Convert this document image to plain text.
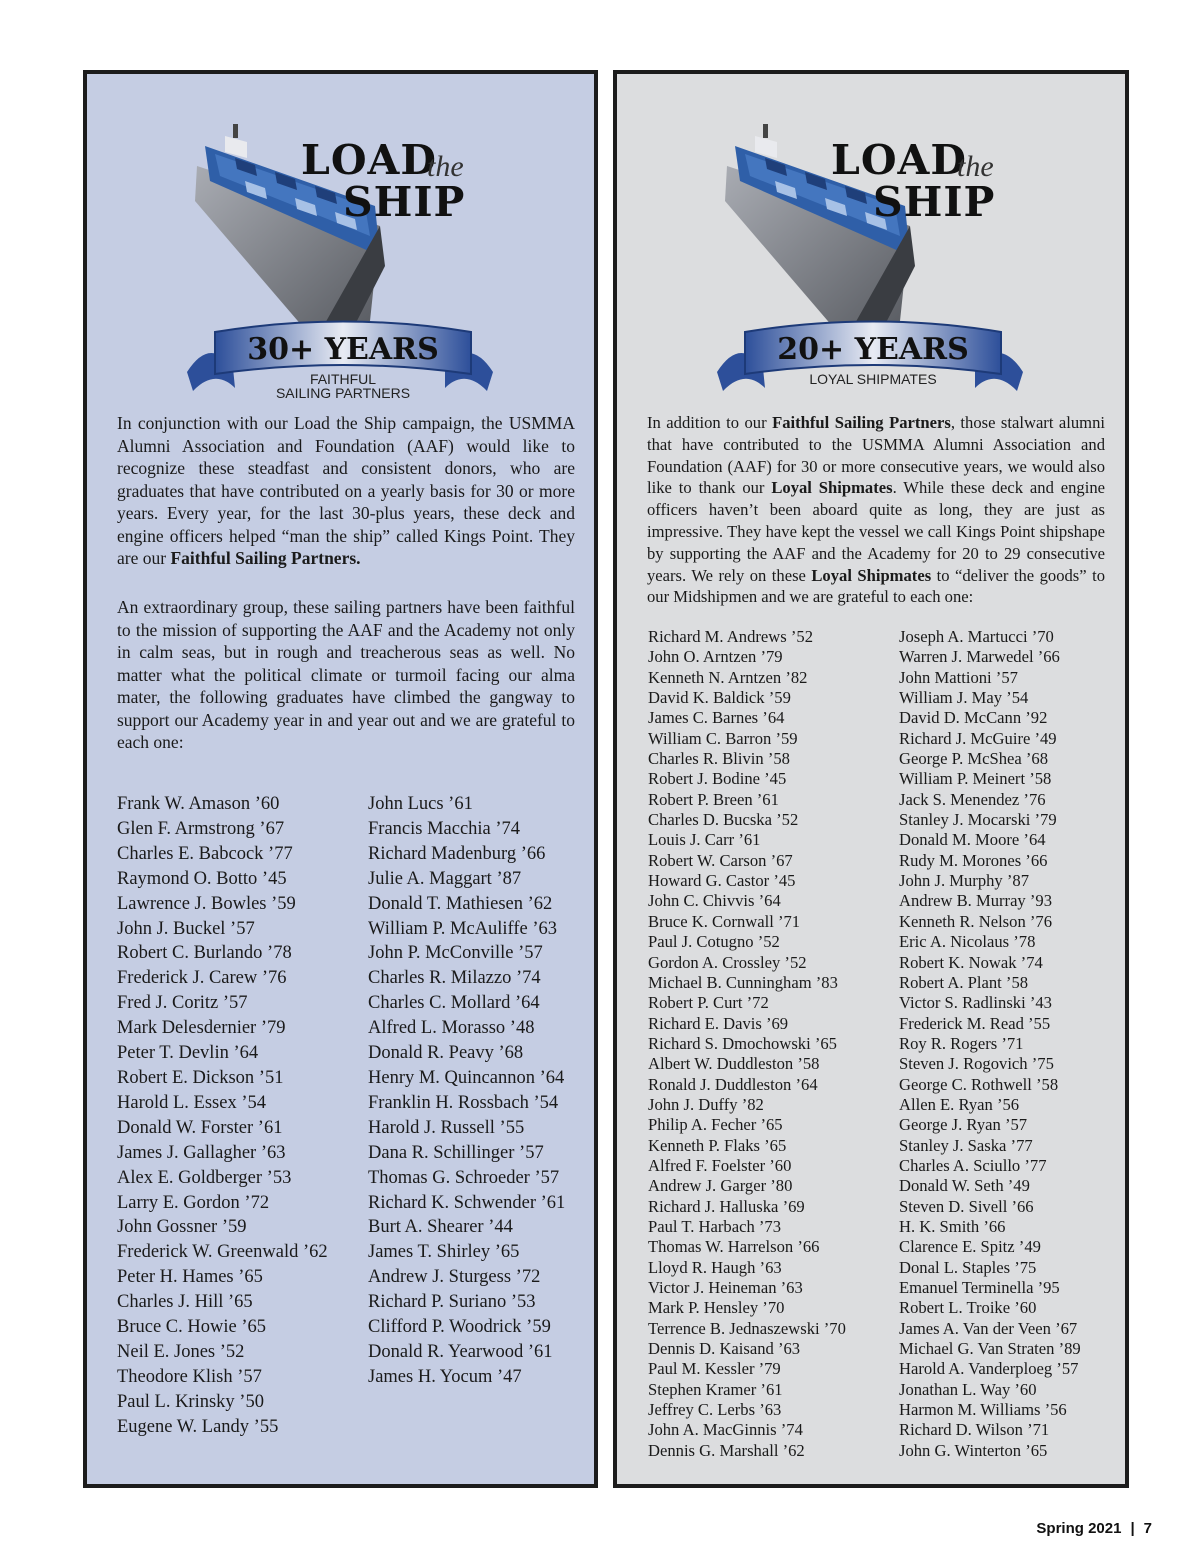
LOAD
the
SHIP
30+ YEARS
FAITHFUL
SAILING PARTNERS

In conjunction with our Load the Ship campaign, the USMMA Alumni Association and Foundation (AAF) would like to recognize these steadfast and consistent donors, who are graduates that have contributed on a yearly basis for 30 or more years. Every year, for the last 30-plus years, these deck and engine officers helped “man the ship” called Kings Point. They are our Faithful Sailing Partners.

An extraordinary group, these sailing partners have been faithful to the mission of supporting the AAF and the Academy not only in calm seas, but in rough and treacherous seas as well. No matter what the political climate or turmoil facing our alma mater, the following graduates have climbed the gangway to support our Academy year in and year out and we are grateful to each one:

Frank W. Amason ’60
Glen F. Armstrong ’67
Charles E. Babcock ’77
Raymond O. Botto ’45
Lawrence J. Bowles ’59
John J. Buckel ’57
Robert C. Burlando ’78
Frederick J. Carew ’76
Fred J. Coritz ’57
Mark Delesdernier ’79
Peter T. Devlin ’64
Robert E. Dickson ’51
Harold L. Essex ’54
Donald W. Forster ’61
James J. Gallagher ’63
Alex E. Goldberger ’53
Larry E. Gordon ’72
John Gossner ’59
Frederick W. Greenwald ’62
Peter H. Hames ’65
Charles J. Hill ’65
Bruce C. Howie ’65
Neil E. Jones ’52
Theodore Klish ’57
Paul L. Krinsky ’50
Eugene W. Landy ’55
John Lucs ’61
Francis Macchia ’74
Richard Madenburg ’66
Julie A. Maggart ’87
Donald T. Mathiesen ’62
William P. McAuliffe ’63
John P. McConville ’57
Charles R. Milazzo ’74
Charles C. Mollard ’64
Alfred L. Morasso ’48
Donald R. Peavy ’68
Henry M. Quincannon ’64
Franklin H. Rossbach ’54
Harold J. Russell ’55
Dana R. Schillinger ’57
Thomas G. Schroeder ’57
Richard K. Schwender ’61
Burt A. Shearer ’44
James T. Shirley ’65
Andrew J. Sturgess ’72
Richard P. Suriano ’53
Clifford P. Woodrick ’59
Donald R. Yearwood ’61
James H. Yocum ’47
LOAD
the
SHIP
20+ YEARS
LOYAL SHIPMATES

In addition to our Faithful Sailing Partners, those stalwart alumni that have contributed to the USMMA Alumni Association and Foundation (AAF) for 30 or more consecutive years, we would also like to thank our Loyal Shipmates. While these deck and engine officers haven’t been aboard quite as long, they are just as impressive. They have kept the vessel we call Kings Point shipshape by supporting the AAF and the Academy for 20 to 29 consecutive years. We rely on these Loyal Shipmates to “deliver the goods” to our Midshipmen and we are grateful to each one:

Richard M. Andrews ’52
John O. Arntzen ’79
Kenneth N. Arntzen ’82
David K. Baldick ’59
James C. Barnes ’64
William C. Barron ’59
Charles R. Blivin ’58
Robert J. Bodine ’45
Robert P. Breen ’61
Charles D. Bucska ’52
Louis J. Carr ’61
Robert W. Carson ’67
Howard G. Castor ’45
John C. Chivvis ’64
Bruce K. Cornwall ’71
Paul J. Cotugno ’52
Gordon A. Crossley ’52
Michael B. Cunningham ’83
Robert P. Curt ’72
Richard E. Davis ’69
Richard S. Dmochowski ’65
Albert W. Duddleston ’58
Ronald J. Duddleston ’64
John J. Duffy ’82
Philip A. Fecher ’65
Kenneth P. Flaks ’65
Alfred F. Foelster ’60
Andrew J. Garger ’80
Richard J. Halluska ’69
Paul T. Harbach ’73
Thomas W. Harrelson ’66
Lloyd R. Haugh ’63
Victor J. Heineman ’63
Mark P. Hensley ’70
Terrence B. Jednaszewski ’70
Dennis D. Kaisand ’63
Paul M. Kessler ’79
Stephen Kramer ’61
Jeffrey C. Lerbs ’63
John A. MacGinnis ’74
Dennis G. Marshall ’62
Joseph A. Martucci ’70
Warren J. Marwedel ’66
John Mattioni ’57
William J. May ’54
David D. McCann ’92
Richard J. McGuire ’49
George P. McShea ’68
William P. Meinert ’58
Jack S. Menendez ’76
Stanley J. Mocarski ’79
Donald M. Moore ’64
Rudy M. Morones ’66
John J. Murphy ’87
Andrew B. Murray ’93
Kenneth R. Nelson ’76
Eric A. Nicolaus ’78
Robert K. Nowak ’74
Robert A. Plant ’58
Victor S. Radlinski ’43
Frederick M. Read ’55
Roy R. Rogers ’71
Steven J. Rogovich ’75
George C. Rothwell ’58
Allen E. Ryan ’56
George J. Ryan ’57
Stanley J. Saska ’77
Charles A. Sciullo ’77
Donald W. Seth ’49
Steven D. Sivell ’66
H. K. Smith ’66
Clarence E. Spitz ’49
Donal L. Staples ’75
Emanuel Terminella ’95
Robert L. Troike ’60
James A. Van der Veen ’67
Michael G. Van Straten ’89
Harold A. Vanderploeg ’57
Jonathan L. Way ’60
Harmon M. Williams ’56
Richard D. Wilson ’71
John G. Winterton ’65
Spring 2021 | 7
